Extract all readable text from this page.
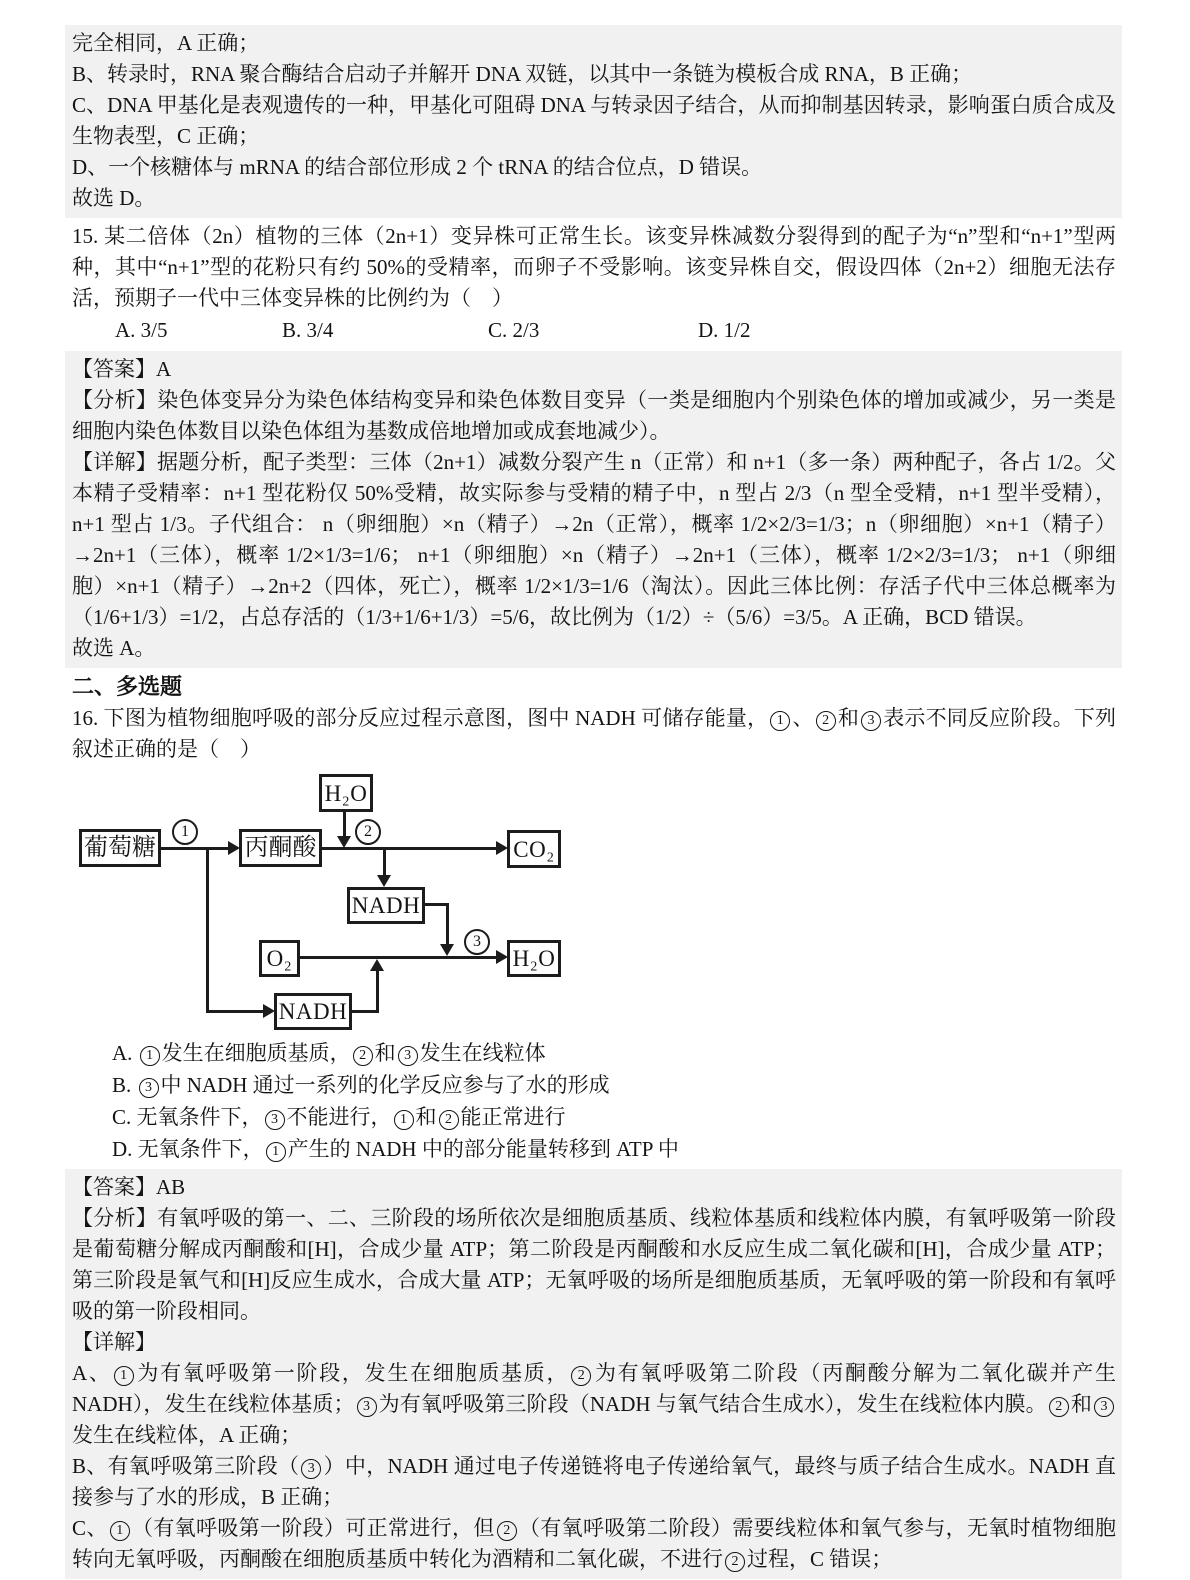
完全相同，A 正确；

B、转录时，RNA 聚合酶结合启动子并解开 DNA 双链，以其中一条链为模板合成 RNA，B 正确；

C、DNA 甲基化是表观遗传的一种，甲基化可阻碍 DNA 与转录因子结合，从而抑制基因转录，影响蛋白质合成及生物表型，C 正确；

D、一个核糖体与 mRNA 的结合部位形成 2 个 tRNA 的结合位点，D 错误。

故选 D。

15. 某二倍体（2n）植物的三体（2n+1）变异株可正常生长。该变异株减数分裂得到的配子为“n”型和“n+1”型两种，其中“n+1”型的花粉只有约 50%的受精率，而卵子不受影响。该变异株自交，假设四体（2n+2）细胞无法存活，预期子一代中三体变异株的比例约为（　）

A. 3/5	B. 3/4	C. 2/3	D. 1/2

【答案】A

【分析】染色体变异分为染色体结构变异和染色体数目变异（一类是细胞内个别染色体的增加或减少，另一类是细胞内染色体数目以染色体组为基数成倍地增加或成套地减少）。

【详解】据题分析，配子类型：三体（2n+1）减数分裂产生 n（正常）和 n+1（多一条）两种配子，各占 1/2。父本精子受精率：n+1 型花粉仅 50%受精，故实际参与受精的精子中，n 型占 2/3（n 型全受精，n+1 型半受精），n+1 型占 1/3。子代组合： n（卵细胞）×n（精子）→2n（正常），概率 1/2×2/3=1/3；n（卵细胞）×n+1（精子）→2n+1（三体），概率 1/2×1/3=1/6； n+1（卵细胞）×n（精子）→2n+1（三体），概率 1/2×2/3=1/3； n+1（卵细胞）×n+1（精子）→2n+2（四体，死亡），概率 1/2×1/3=1/6（淘汰）。因此三体比例：存活子代中三体总概率为（1/6+1/3）=1/2，占总存活的（1/3+1/6+1/3）=5/6，故比例为（1/2）÷（5/6）=3/5。A 正确，BCD 错误。

故选 A。

二、多选题

16. 下图为植物细胞呼吸的部分反应过程示意图，图中 NADH 可储存能量， 1 、 2 和 3 表示不同反应阶段。下列叙述正确的是（　）

H₂O
葡萄糖	丙酮酸	CO₂
NADH
O₂	H₂O
NADH
1	2
3

A. 1 发生在细胞质基质， 2 和 3 发生在线粒体

B. 3 中 NADH 通过一系列的化学反应参与了水的形成

C. 无氧条件下， 3 不能进行， 1 和 2 能正常进行

D. 无氧条件下， 1 产生的 NADH 中的部分能量转移到 ATP 中

【答案】AB

【分析】有氧呼吸的第一、二、三阶段的场所依次是细胞质基质、线粒体基质和线粒体内膜，有氧呼吸第一阶段是葡萄糖分解成丙酮酸和[H]，合成少量 ATP；第二阶段是丙酮酸和水反应生成二氧化碳和[H]，合成少量 ATP；第三阶段是氧气和[H]反应生成水，合成大量 ATP；无氧呼吸的场所是细胞质基质，无氧呼吸的第一阶段和有氧呼吸的第一阶段相同。

【详解】

A、 1 为有氧呼吸第一阶段，发生在细胞质基质， 2 为有氧呼吸第二阶段（丙酮酸分解为二氧化碳并产生 NADH），发生在线粒体基质； 3 为有氧呼吸第三阶段（NADH 与氧气结合生成水），发生在线粒体内膜。 2 和 3发生在线粒体，A 正确；

B、有氧呼吸第三阶段（ 3 ）中，NADH 通过电子传递链将电子传递给氧气，最终与质子结合生成水。NADH 直接参与了水的形成，B 正确；

C、 1 （有氧呼吸第一阶段）可正常进行，但 2 （有氧呼吸第二阶段）需要线粒体和氧气参与，无氧时植物细胞转向无氧呼吸，丙酮酸在细胞质基质中转化为酒精和二氧化碳，不进行 2 过程，C 错误；
